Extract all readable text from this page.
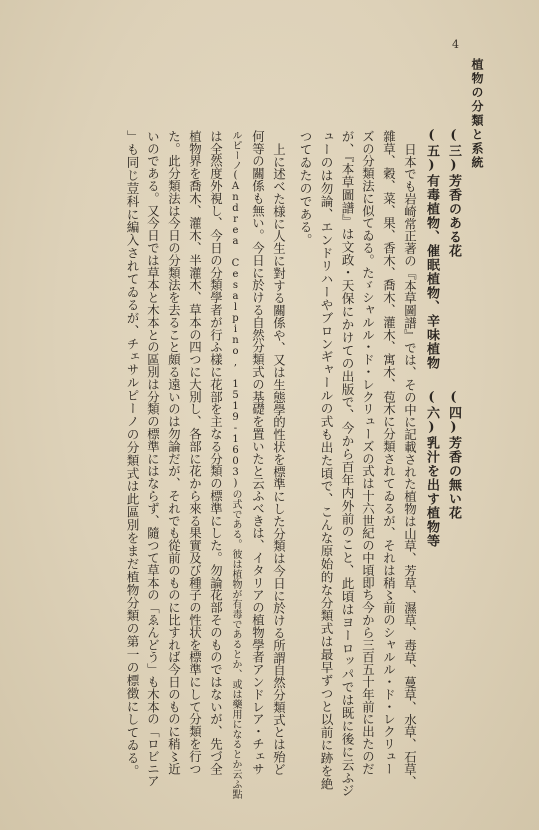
4
植物の分類と系統
(三)芳香のある花
(四)芳香の無い花
(五)有毒植物、催眠植物、辛味植物
(六)乳汁を出す植物等
日本でも岩崎常正著の『本草圖譜』では、その中に記載された植物は山草、芳草、濕草、毒草、蔓草、水草、石草、
雜草、穀、菜、果、香木、喬木、灌木、寓木、苞木に分類されてゐるが、それは稍〻前のシャルル・ド・レクリュー
ズの分類法に似てゐる。たゞシャルル・ド・レクリューズの式は十六世紀の中頃即ち今から三百五十年前に出たのだ
が、『本草圖譜』は文政・天保にかけての出版で、今から百年内外前のこと、此頃はヨーロッパでは既に後に云ふジ
ューのは勿論、エンドリハーやブロンギャールの式も出た頃で、こんな原始的な分類式は最早ずつと以前に跡を絶
つてゐたのである。
上に述べた様に人生に對する關係や、又は生態學的性状を標準にした分類は今日に於ける所謂自然分類式とは殆ど
何等の關係も無い。今日に於ける自然分類式の基礎を置いたと云ふべきは、イタリアの植物學者アンドレア・チェサ
ルピーノ(Andrea Cesalpino, 1519-1603)の式である。彼は植物が有毒であるとか、或は藥用になるとか云ふ點
は全然度外視し、今日の分類學者が行ふ樣に花部を主なる分類の標準にした。勿論花部そのものではないが、先づ全
植物界を喬木、灌木、半灌木、草本の四つに大別し、各部に花から來る果實及び種子の性状を標準にして分類を行つ
た。此分類法は今日の分類法を去ること頗る遠いのは勿論だが、それでも從前のものに比すれば今日のものに稍〻近
いのである。又今日では草本と木本との區別は分類の標準にはならず、隨つて草本の「ゑんどう」も木本の「ロビニア
」も同じ荳科に編入されてゐるが、チェサルピーノの分類式は此區別をまだ植物分類の第一の標徴にしてゐる。
